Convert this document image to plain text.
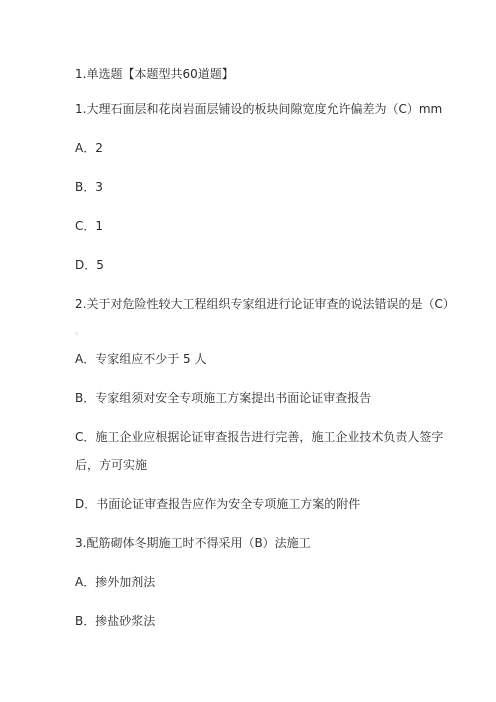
1.单选题【本题型共60道题】
1.大理石面层和花岗岩面层铺设的板块间隙宽度允许偏差为（C）mm
A．2
B．3
C．1
D．5
2.关于对危险性较大工程组织专家组进行论证审查的说法错误的是（C）
。
A．专家组应不少于 5 人
B．专家组须对安全专项施工方案提出书面论证审查报告
C．施工企业应根据论证审查报告进行完善，施工企业技术负责人签字
后，方可实施
D．书面论证审查报告应作为安全专项施工方案的附件
3.配筋砌体冬期施工时不得采用（B）法施工
A．掺外加剂法
B．掺盐砂浆法
